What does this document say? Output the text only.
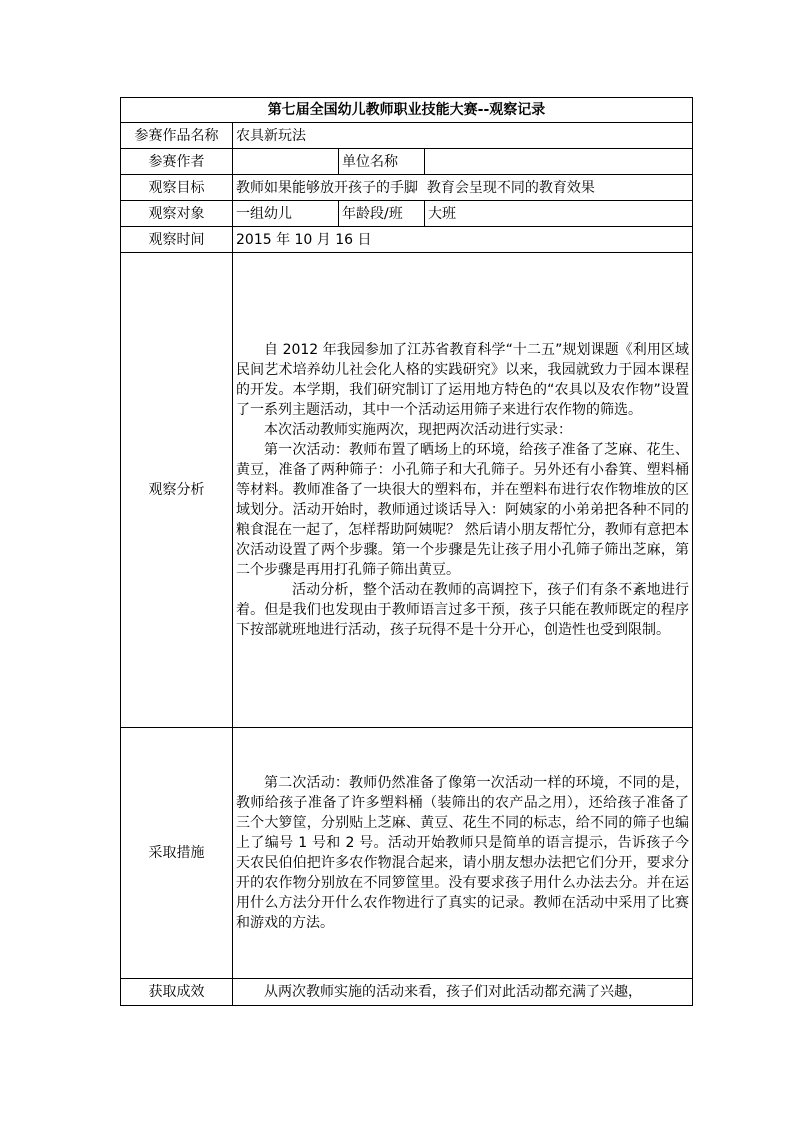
第七届全国幼儿教师职业技能大赛--观察记录			
参赛作品名称	农具新玩法		
参赛作者		单位名称	
观察目标	教师如果能够放开孩子的手脚  教育会呈现不同的教育效果		
观察对象	一组幼儿	年龄段/班	大班
观察时间	2015 年 10 月 16 日		
观察分析	自 2012 年我园参加了江苏省教育科学“十二五”规划课题《利用区域民间艺术培养幼儿社会化人格的实践研究》以来，我园就致力于园本课程的开发。本学期，我们研究制订了运用地方特色的“农具以及农作物”设置了一系列主题活动，其中一个活动运用筛子来进行农作物的筛选。

本次活动教师实施两次，现把两次活动进行实录：

第一次活动：教师布置了晒场上的环境，给孩子准备了芝麻、花生、黄豆，准备了两种筛子：小孔筛子和大孔筛子。另外还有小畚箕、塑料桶等材料。教师准备了一块很大的塑料布，并在塑料布进行农作物堆放的区域划分。活动开始时，教师通过谈话导入：阿姨家的小弟弟把各种不同的粮食混在一起了，怎样帮助阿姨呢？ 然后请小朋友帮忙分，教师有意把本次活动设置了两个步骤。第一个步骤是先让孩子用小孔筛子筛出芝麻，第二个步骤是再用打孔筛子筛出黄豆。

活动分析，整个活动在教师的高调控下，孩子们有条不紊地进行着。但是我们也发现由于教师语言过多干预，孩子只能在教师既定的程序下按部就班地进行活动，孩子玩得不是十分开心，创造性也受到限制。		

采取措施	第二次活动：教师仍然准备了像第一次活动一样的环境，不同的是，教师给孩子准备了许多塑料桶（装筛出的农产品之用），还给孩子准备了三个大箩筐，分别贴上芝麻、黄豆、花生不同的标志，给不同的筛子也编上了编号 1 号和 2 号。活动开始教师只是简单的语言提示，告诉孩子今天农民伯伯把许多农作物混合起来，请小朋友想办法把它们分开，要求分开的农作物分别放在不同箩筐里。没有要求孩子用什么办法去分。并在运用什么方法分开什么农作物进行了真实的记录。教师在活动中采用了比赛和游戏的方法。		

获取成效	从两次教师实施的活动来看，孩子们对此活动都充满了兴趣，		
